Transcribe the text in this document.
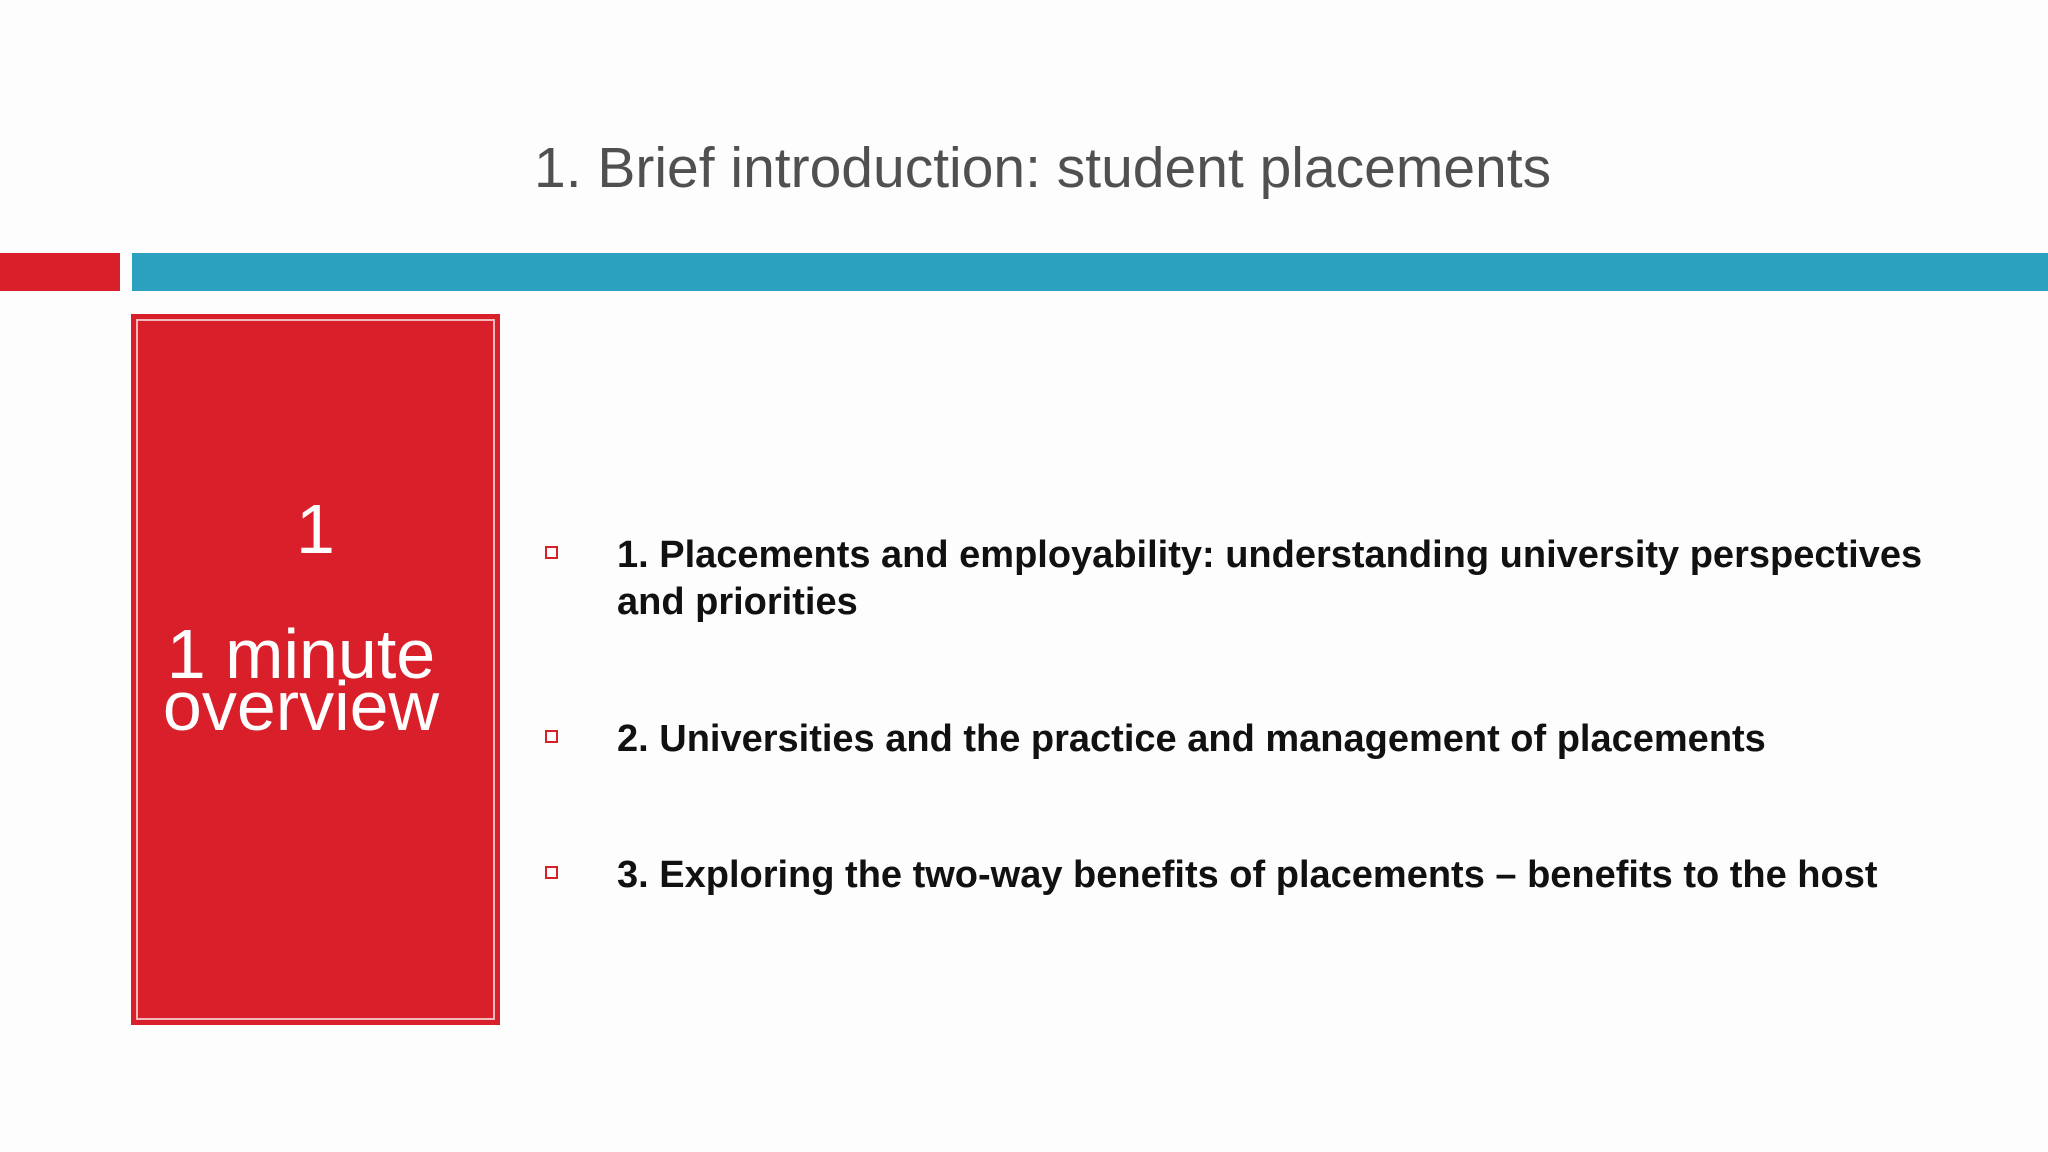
1. Brief introduction: student placements
1
1 minute
overview
1. Placements and employability: understanding university perspectives and priorities
2. Universities and the practice and management of placements
3. Exploring the two-way benefits of placements – benefits to the host
